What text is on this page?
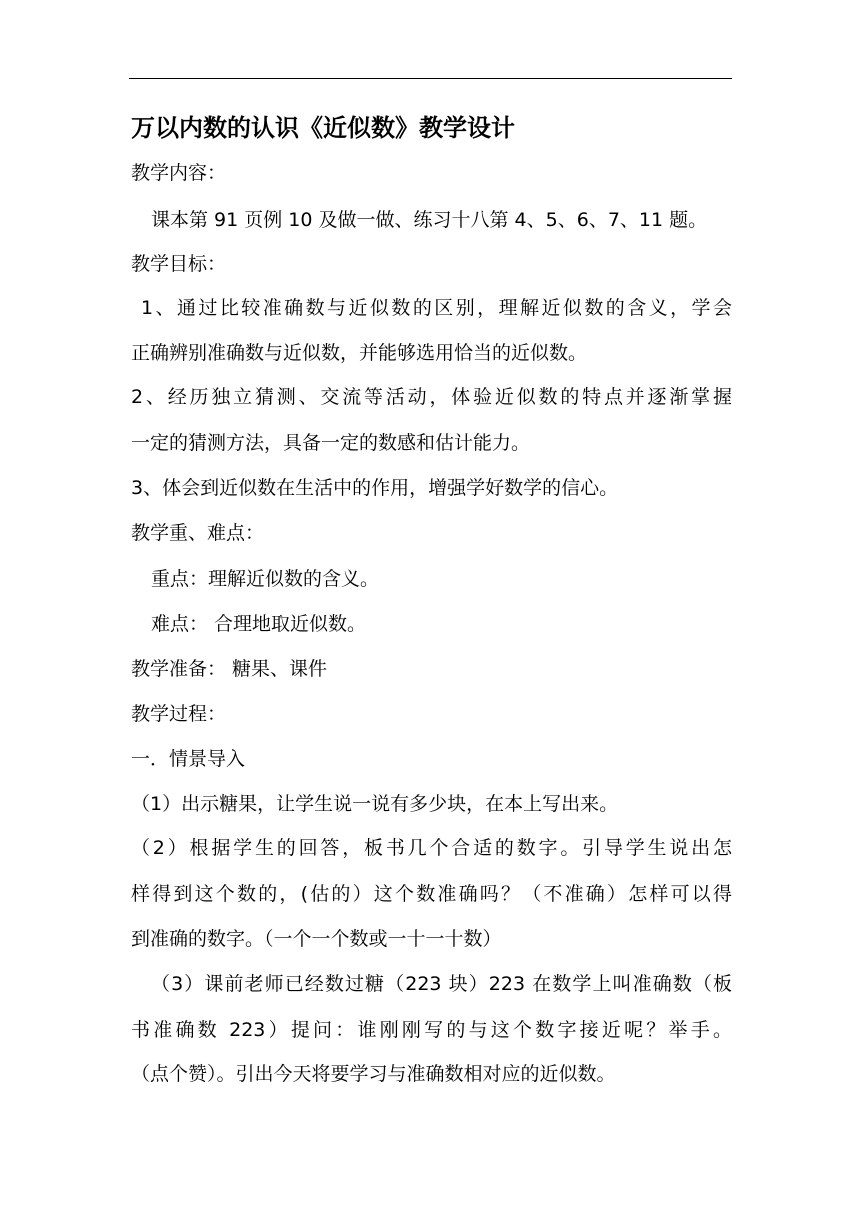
万以内数的认识《近似数》教学设计
教学内容：
课本第 91 页例 10 及做一做、练习十八第 4、5、6、7、11 题。
教学目标：
1、通过比较准确数与近似数的区别，理解近似数的含义，学会
正确辨别准确数与近似数，并能够选用恰当的近似数。
2、经历独立猜测、交流等活动，体验近似数的特点并逐渐掌握
一定的猜测方法，具备一定的数感和估计能力。
3、体会到近似数在生活中的作用，增强学好数学的信心。
教学重、难点：
重点：理解近似数的含义。
难点： 合理地取近似数。
教学准备： 糖果、课件
教学过程：
一．情景导入
（1）出示糖果，让学生说一说有多少块，在本上写出来。
（2）根据学生的回答，板书几个合适的数字。引导学生说出怎
样得到这个数的，(估的）这个数准确吗？（不准确）怎样可以得
到准确的数字。（一个一个数或一十一十数）
（3）课前老师已经数过糖（223 块）223 在数学上叫准确数（板
书准确数 223）提问：谁刚刚写的与这个数字接近呢？举手。
（点个赞）。引出今天将要学习与准确数相对应的近似数。
